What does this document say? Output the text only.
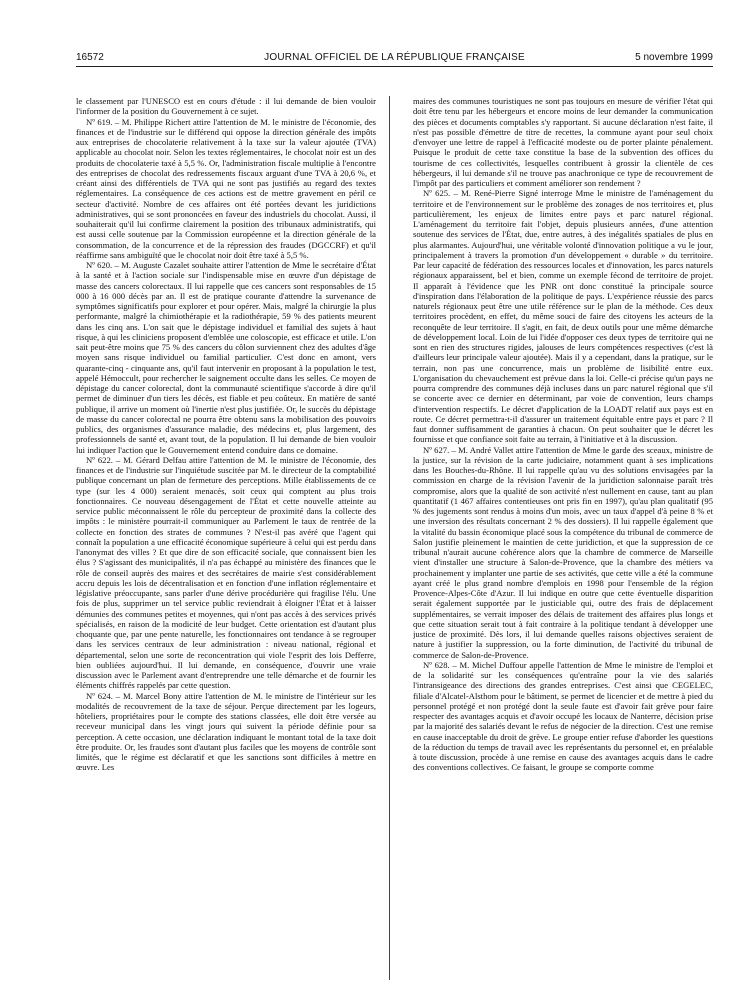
16572	JOURNAL OFFICIEL DE LA RÉPUBLIQUE FRANÇAISE	5 novembre 1999

le classement par l'UNESCO est en cours d'étude : il lui demande de bien vouloir l'informer de la position du Gouvernement à ce sujet.

Nº 619. – M. Philippe Richert attire l'attention de M. le ministre de l'économie, des finances et de l'industrie sur le différend qui oppose la direction générale des impôts aux entreprises de chocolaterie relativement à la taxe sur la valeur ajoutée (TVA) applicable au chocolat noir. Selon les textes réglementaires, le chocolat noir est un des produits de chocolaterie taxé à 5,5 %. Or, l'administration fiscale multiplie à l'encontre des entreprises de chocolat des redressements fiscaux arguant d'une TVA à 20,6 %, et créant ainsi des différentiels de TVA qui ne sont pas justifiés au regard des textes réglementaires. La conséquence de ces actions est de mettre gravement en péril ce secteur d'activité. Nombre de ces affaires ont été portées devant les juridictions administratives, qui se sont prononcées en faveur des industriels du chocolat. Aussi, il souhaiterait qu'il lui confirme clairement la position des tribunaux administratifs, qui est aussi celle soutenue par la Commission européenne et la direction générale de la consommation, de la concurrence et de la répression des fraudes (DGCCRF) et qu'il réaffirme sans ambiguïté que le chocolat noir doit être taxé à 5,5 %.

Nº 620. – M. Auguste Cazalet souhaite attirer l'attention de Mme le secrétaire d'État à la santé et à l'action sociale sur l'indispensable mise en œuvre d'un dépistage de masse des cancers colorectaux. Il lui rappelle que ces cancers sont responsables de 15 000 à 16 000 décès par an. Il est de pratique courante d'attendre la survenance de symptômes significatifs pour explorer et pour opérer. Mais, malgré la chirurgie la plus performante, malgré la chimiothérapie et la radiothérapie, 59 % des patients meurent dans les cinq ans. L'on sait que le dépistage individuel et familial des sujets à haut risque, à qui les cliniciens proposent d'emblée une coloscopie, est efficace et utile. L'on sait peut-être moins que 75 % des cancers du côlon surviennent chez des adultes d'âge moyen sans risque individuel ou familial particulier. C'est donc en amont, vers quarante-cinq - cinquante ans, qu'il faut intervenir en proposant à la population le test, appelé Hémoccult, pour rechercher le saignement occulte dans les selles. Ce moyen de dépistage du cancer colorectal, dont la communauté scientifique s'accorde à dire qu'il permet de diminuer d'un tiers les décès, est fiable et peu coûteux. En matière de santé publique, il arrive un moment où l'inertie n'est plus justifiée. Or, le succès du dépistage de masse du cancer colorectal ne pourra être obtenu sans la mobilisation des pouvoirs publics, des organismes d'assurance maladie, des médecins et, plus largement, des professionnels de santé et, avant tout, de la population. Il lui demande de bien vouloir lui indiquer l'action que le Gouvernement entend conduire dans ce domaine.

Nº 622. – M. Gérard Delfau attire l'attention de M. le ministre de l'économie, des finances et de l'industrie sur l'inquiétude suscitée par M. le directeur de la comptabilité publique concernant un plan de fermeture des perceptions. Mille établissements de ce type (sur les 4 000) seraient menacés, soit ceux qui comptent au plus trois fonctionnaires. Ce nouveau désengagement de l'État et cette nouvelle atteinte au service public méconnaissent le rôle du percepteur de proximité dans la collecte des impôts : le ministère pourrait-il communiquer au Parlement le taux de rentrée de la collecte en fonction des strates de communes ? N'est-il pas avéré que l'agent qui connaît la population a une efficacité économique supérieure à celui qui est perdu dans l'anonymat des villes ? Et que dire de son efficacité sociale, que connaissent bien les élus ? S'agissant des municipalités, il n'a pas échappé au ministère des finances que le rôle de conseil auprès des maires et des secrétaires de mairie s'est considérablement accru depuis les lois de décentralisation et en fonction d'une inflation réglementaire et législative préoccupante, sans parler d'une dérive procédurière qui fragilise l'élu. Une fois de plus, supprimer un tel service public reviendrait à éloigner l'État et à laisser démunies des communes petites et moyennes, qui n'ont pas accès à des services privés spécialisés, en raison de la modicité de leur budget. Cette orientation est d'autant plus choquante que, par une pente naturelle, les fonctionnaires ont tendance à se regrouper dans les services centraux de leur administration : niveau national, régional et départemental, selon une sorte de reconcentration qui viole l'esprit des lois Defferre, bien oubliées aujourd'hui. Il lui demande, en conséquence, d'ouvrir une vraie discussion avec le Parlement avant d'entreprendre une telle démarche et de fournir les éléments chiffrés rappelés par cette question.

Nº 624. – M. Marcel Bony attire l'attention de M. le ministre de l'intérieur sur les modalités de recouvrement de la taxe de séjour. Perçue directement par les logeurs, hôteliers, propriétaires pour le compte des stations classées, elle doit être versée au receveur municipal dans les vingt jours qui suivent la période définie pour sa perception. A cette occasion, une déclaration indiquant le montant total de la taxe doit être produite. Or, les fraudes sont d'autant plus faciles que les moyens de contrôle sont limités, que le régime est déclaratif et que les sanctions sont difficiles à mettre en œuvre. Les

maires des communes touristiques ne sont pas toujours en mesure de vérifier l'état qui doit être tenu par les hébergeurs et encore moins de leur demander la communication des pièces et documents comptables s'y rapportant. Si aucune déclaration n'est faite, il n'est pas possible d'émettre de titre de recettes, la commune ayant pour seul choix d'envoyer une lettre de rappel à l'efficacité modeste ou de porter plainte pénalement. Puisque le produit de cette taxe constitue la base de la subvention des offices du tourisme de ces collectivités, lesquelles contribuent à grossir la clientèle de ces hébergeurs, il lui demande s'il ne trouve pas anachronique ce type de recouvrement de l'impôt par des particuliers et comment améliorer son rendement ?

Nº 625. – M. René-Pierre Signé interroge Mme le ministre de l'aménagement du territoire et de l'environnement sur le problème des zonages de nos territoires et, plus particulièrement, les enjeux de limites entre pays et parc naturel régional. L'aménagement du territoire fait l'objet, depuis plusieurs années, d'une attention soutenue des services de l'État, due, entre autres, à des inégalités spatiales de plus en plus alarmantes. Aujourd'hui, une véritable volonté d'innovation politique a vu le jour, principalement à travers la promotion d'un développement « durable » du territoire. Par leur capacité de fédération des ressources locales et d'innovation, les parcs naturels régionaux apparaissent, bel et bien, comme un exemple fécond de territoire de projet. Il apparaît à l'évidence que les PNR ont donc constitué la principale source d'inspiration dans l'élaboration de la politique de pays. L'expérience réussie des parcs naturels régionaux peut être une utile référence sur le plan de la méthode. Ces deux territoires procèdent, en effet, du même souci de faire des citoyens les acteurs de la reconquête de leur territoire. Il s'agit, en fait, de deux outils pour une même démarche de développement local. Loin de lui l'idée d'opposer ces deux types de territoire qui ne sont en rien des structures rigides, jalouses de leurs compétences respectives (c'est là d'ailleurs leur principale valeur ajoutée). Mais il y a cependant, dans la pratique, sur le terrain, non pas une concurrence, mais un problème de lisibilité entre eux. L'organisation du chevauchement est prévue dans la loi. Celle-ci précise qu'un pays ne pourra comprendre des communes déjà incluses dans un parc naturel régional que s'il se concerte avec ce dernier en déterminant, par voie de convention, leurs champs d'intervention respectifs. Le décret d'application de la LOADT relatif aux pays est en route. Ce décret permettra-t-il d'assurer un traitement équitable entre pays et parc ? Il faut donner suffisamment de garanties à chacun. On peut souhaiter que le décret les fournisse et que confiance soit faite au terrain, à l'initiative et à la discussion.

Nº 627. – M. André Vallet attire l'attention de Mme le garde des sceaux, ministre de la justice, sur la révision de la carte judiciaire, notamment quant à ses implications dans les Bouches-du-Rhône. Il lui rappelle qu'au vu des solutions envisagées par la commission en charge de la révision l'avenir de la juridiction salonnaise paraît très compromise, alors que la qualité de son activité n'est nullement en cause, tant au plan quantitatif (1 467 affaires contentieuses ont pris fin en 1997), qu'au plan qualitatif (95 % des jugements sont rendus à moins d'un mois, avec un taux d'appel d'à peine 8 % et une inversion des résultats concernant 2 % des dossiers). Il lui rappelle également que la vitalité du bassin économique placé sous la compétence du tribunal de commerce de Salon justifie pleinement le maintien de cette juridiction, et que la suppression de ce tribunal n'aurait aucune cohérence alors que la chambre de commerce de Marseille vient d'installer une structure à Salon-de-Provence, que la chambre des métiers va prochainement y implanter une partie de ses activités, que cette ville a été la commune ayant créé le plus grand nombre d'emplois en 1998 pour l'ensemble de la région Provence-Alpes-Côte d'Azur. Il lui indique en outre que cette éventuelle disparition serait également supportée par le justiciable qui, outre des frais de déplacement supplémentaires, se verrait imposer des délais de traitement des affaires plus longs et que cette situation serait tout à fait contraire à la politique tendant à développer une justice de proximité. Dès lors, il lui demande quelles raisons objectives seraient de nature à justifier la suppression, ou la forte diminution, de l'activité du tribunal de commerce de Salon-de-Provence.

Nº 628. – M. Michel Duffour appelle l'attention de Mme le ministre de l'emploi et de la solidarité sur les conséquences qu'entraîne pour la vie des salariés l'intransigeance des directions des grandes entreprises. C'est ainsi que CEGELEC, filiale d'Alcatel-Alsthom pour le bâtiment, se permet de licencier et de mettre à pied du personnel protégé et non protégé dont la seule faute est d'avoir fait grève pour faire respecter des avantages acquis et d'avoir occupé les locaux de Nanterre, décision prise par la majorité des salariés devant le refus de négocier de la direction. C'est une remise en cause inacceptable du droit de grève. Le groupe entier refuse d'aborder les questions de la réduction du temps de travail avec les représentants du personnel et, en préalable à toute discussion, procède à une remise en cause des avantages acquis dans le cadre des conventions collectives. Ce faisant, le groupe se comporte comme
